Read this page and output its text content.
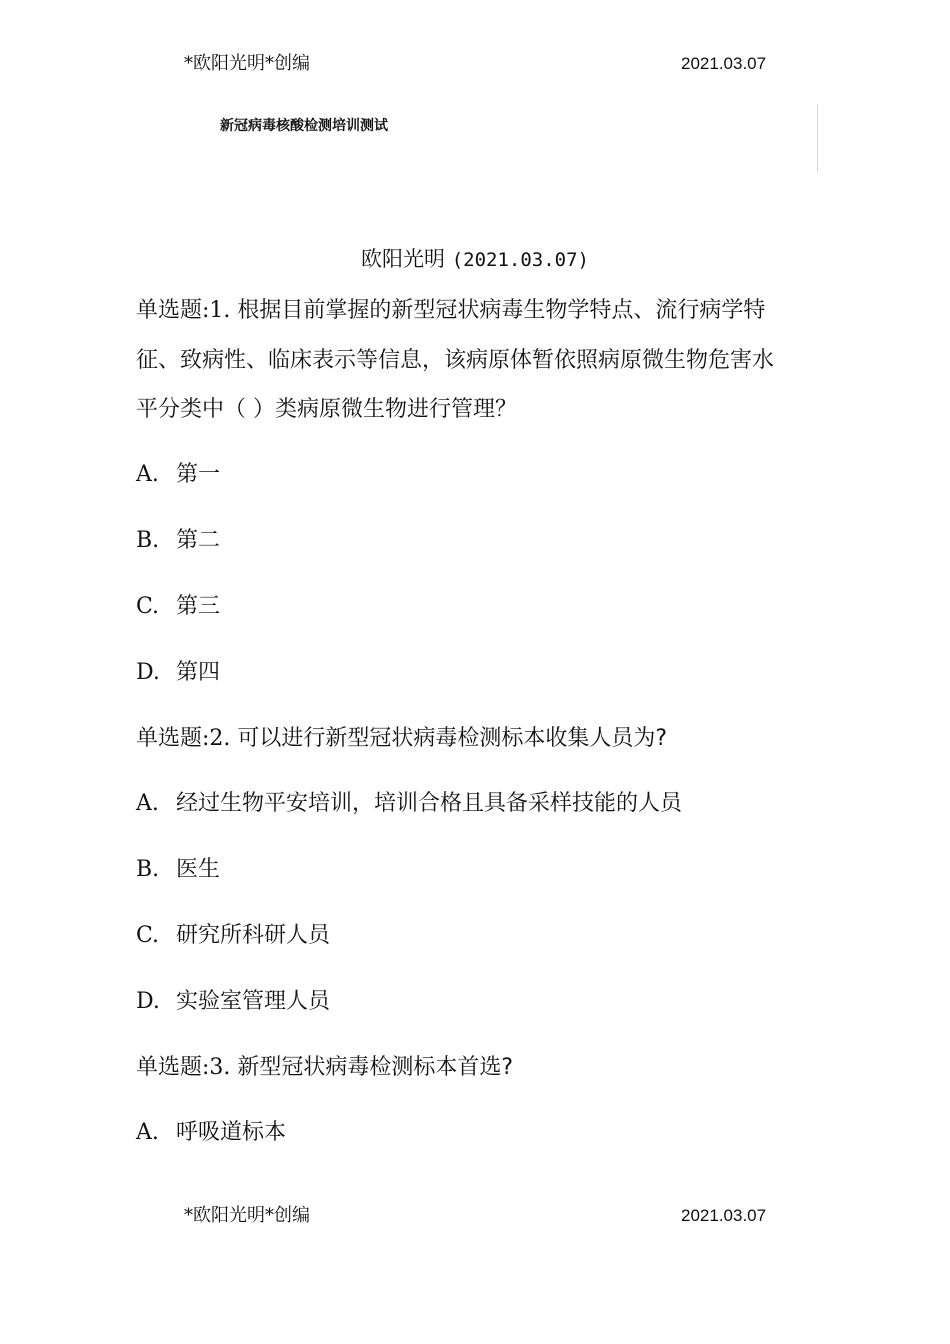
*欧阳光明*创编	2021.03.07
新冠病毒核酸检测培训测试
欧阳光明 (2021.03.07)
单选题:1. 根据目前掌握的新型冠状病毒生物学特点、流行病学特
征、致病性、临床表示等信息，该病原体暂依照病原微生物危害水
平分类中（ ）类病原微生物进行管理？
A. 第一
B. 第二
C. 第三
D. 第四
单选题:2. 可以进行新型冠状病毒检测标本收集人员为?
A. 经过生物平安培训，培训合格且具备采样技能的人员
B. 医生
C. 研究所科研人员
D. 实验室管理人员
单选题:3. 新型冠状病毒检测标本首选?
A. 呼吸道标本
*欧阳光明*创编	2021.03.07
